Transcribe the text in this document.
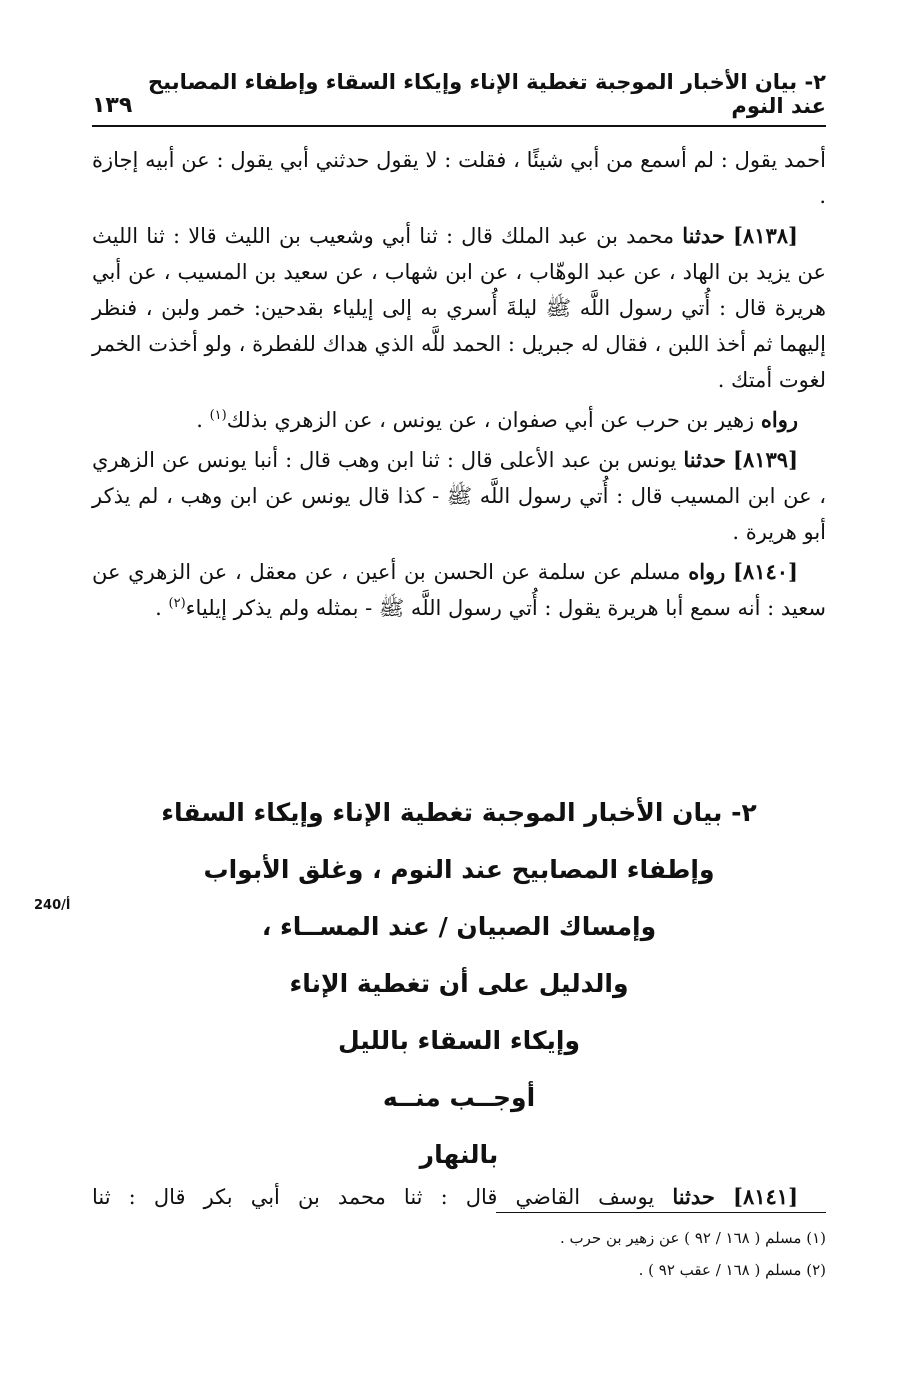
٢- بيان الأخبار الموجبة تغطية الإناء وإيكاء السقاء وإطفاء المصابيح عند النوم
١٣٩

أحمد يقول : لم أسمع من أبي شيئًا ، فقلت : لا يقول حدثني أبي يقول : عن أبيه إجازة .

[٨١٣٨] حدثنا محمد بن عبد الملك قال : ثنا أبي وشعيب بن الليث قالا : ثنا الليث عن يزيد بن الهاد ، عن عبد الوهّاب ، عن ابن شهاب ، عن سعيد بن المسيب ، عن أبي هريرة قال : أُتي رسول اللَّه ﷺ ليلةَ أُسري به إلى إيلياء بقدحين: خمر ولبن ، فنظر إليهما ثم أخذ اللبن ، فقال له جبريل : الحمد للَّه الذي هداك للفطرة ، ولو أخذت الخمر لغوت أمتك .

رواه زهير بن حرب عن أبي صفوان ، عن يونس ، عن الزهري بذلك$^{(١)}$ .

[٨١٣٩] حدثنا يونس بن عبد الأعلى قال : ثنا ابن وهب قال : أنبا يونس عن الزهري ، عن ابن المسيب قال : أُتي رسول اللَّه ﷺ - كذا قال يونس عن ابن وهب ، لم يذكر أبو هريرة .

[٨١٤٠] رواه مسلم عن سلمة عن الحسن بن أعين ، عن معقل ، عن الزهري عن سعيد : أنه سمع أبا هريرة يقول : أُتي رسول اللَّه ﷺ - بمثله ولم يذكر إيلياء$^{(٢)}$ .

٢- بيان الأخبار الموجبة تغطية الإناء وإيكاء السقاء
وإطفاء المصابيح عند النوم ، وغلق الأبواب
وإمساك الصبيان / عند المســاء ،
والدليل على أن تغطية الإناء
وإيكاء السقاء بالليل
أوجــب منــه
بالنهار
240/أ

[٨١٤١] حدثنا يوسف القاضي قال : ثنا محمد بن أبي بكر قال : ثنا

(١) مسلم ( ١٦٨ / ٩٢ ) عن زهير بن حرب .

(٢) مسلم ( ١٦٨ / عقب ٩٢ ) .
